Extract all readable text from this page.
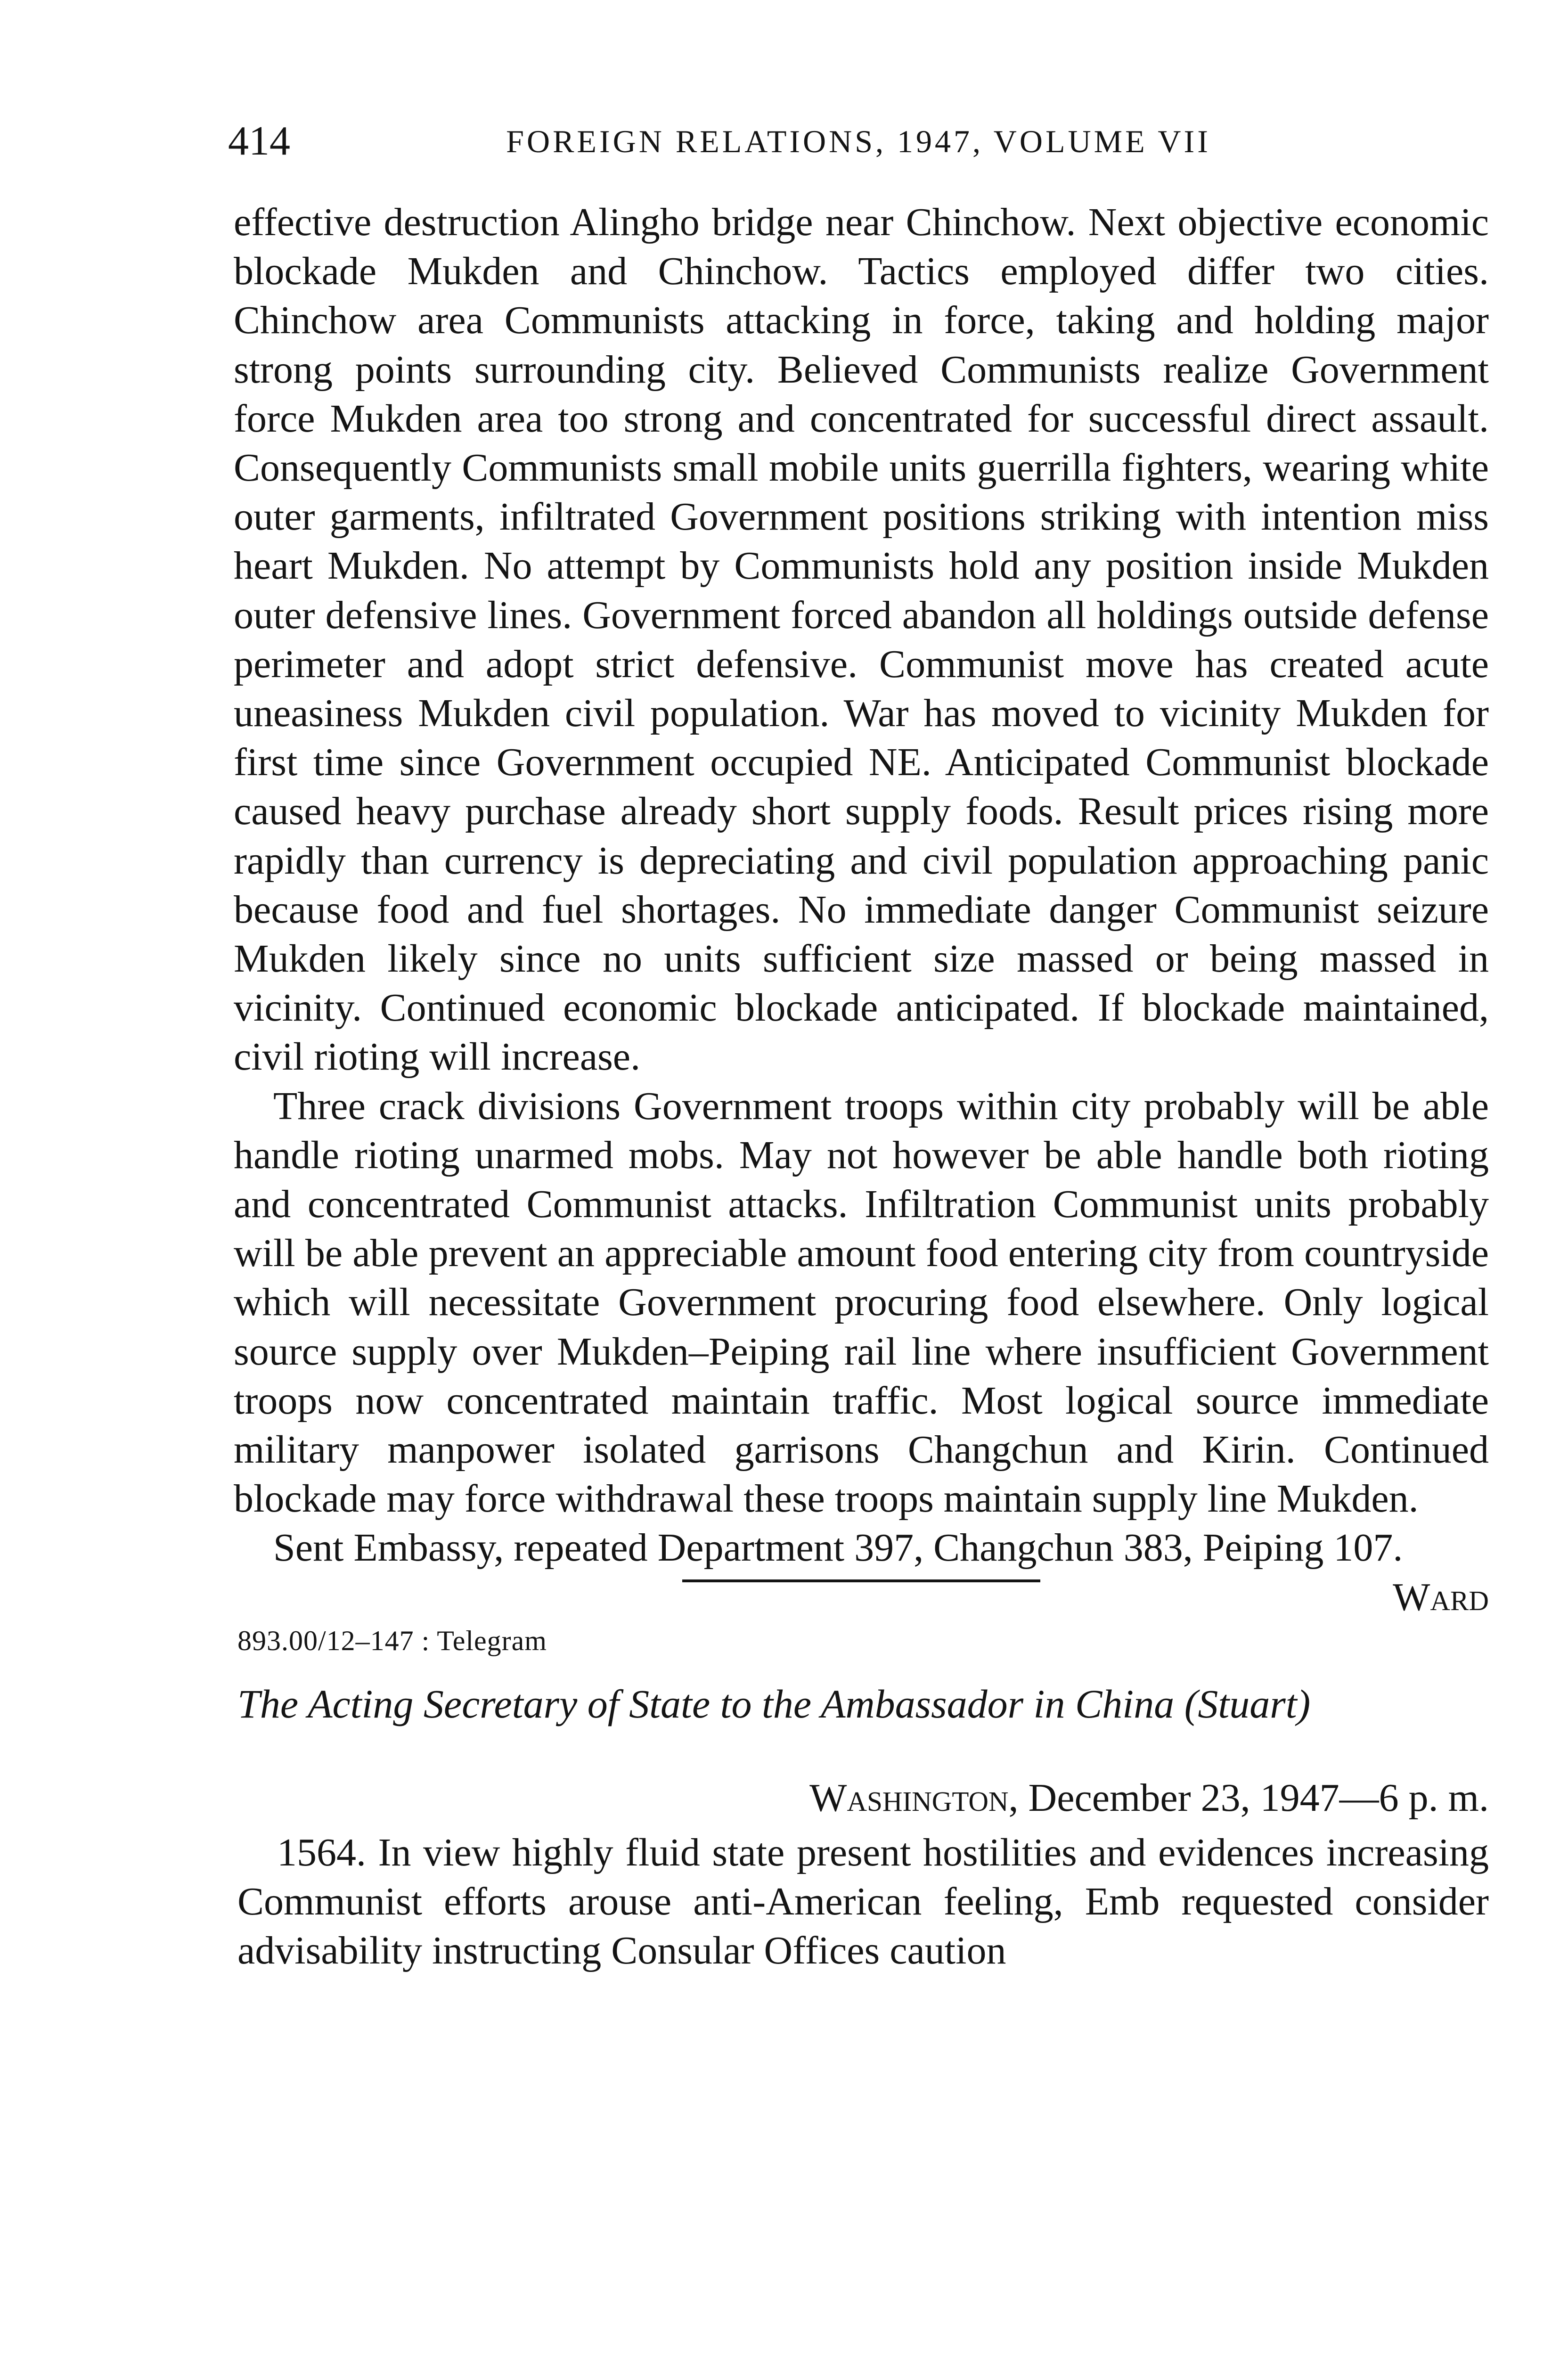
414	FOREIGN RELATIONS, 1947, VOLUME VII

effective destruction Alingho bridge near Chinchow. Next objective economic blockade Mukden and Chinchow. Tactics employed differ two cities. Chinchow area Communists attacking in force, taking and holding major strong points surrounding city. Believed Communists realize Government force Mukden area too strong and concentrated for successful direct assault. Consequently Communists small mobile units guerrilla fighters, wearing white outer garments, infiltrated Government positions striking with intention miss heart Mukden. No attempt by Communists hold any position inside Mukden outer defensive lines. Government forced abandon all holdings outside defense perimeter and adopt strict defensive. Communist move has created acute uneasiness Mukden civil population. War has moved to vicinity Mukden for first time since Government occupied NE. Anticipated Communist blockade caused heavy purchase already short supply foods. Result prices rising more rapidly than currency is depreciating and civil population approaching panic because food and fuel shortages. No immediate danger Communist seizure Mukden likely since no units sufficient size massed or being massed in vicinity. Continued economic blockade anticipated. If blockade maintained, civil rioting will increase.

Three crack divisions Government troops within city probably will be able handle rioting unarmed mobs. May not however be able handle both rioting and concentrated Communist attacks. Infiltration Communist units probably will be able prevent an appreciable amount food entering city from countryside which will necessitate Government procuring food elsewhere. Only logical source supply over Mukden–Peiping rail line where insufficient Government troops now concentrated maintain traffic. Most logical source immediate military manpower isolated garrisons Changchun and Kirin. Continued blockade may force withdrawal these troops maintain supply line Mukden.

Sent Embassy, repeated Department 397, Changchun 383, Peiping 107.

Ward

893.00/12–147 : Telegram
The Acting Secretary of State to the Ambassador in China (Stuart)
Washington, December 23, 1947—6 p. m.

1564. In view highly fluid state present hostilities and evidences increasing Communist efforts arouse anti-American feeling, Emb requested consider advisability instructing Consular Offices caution
